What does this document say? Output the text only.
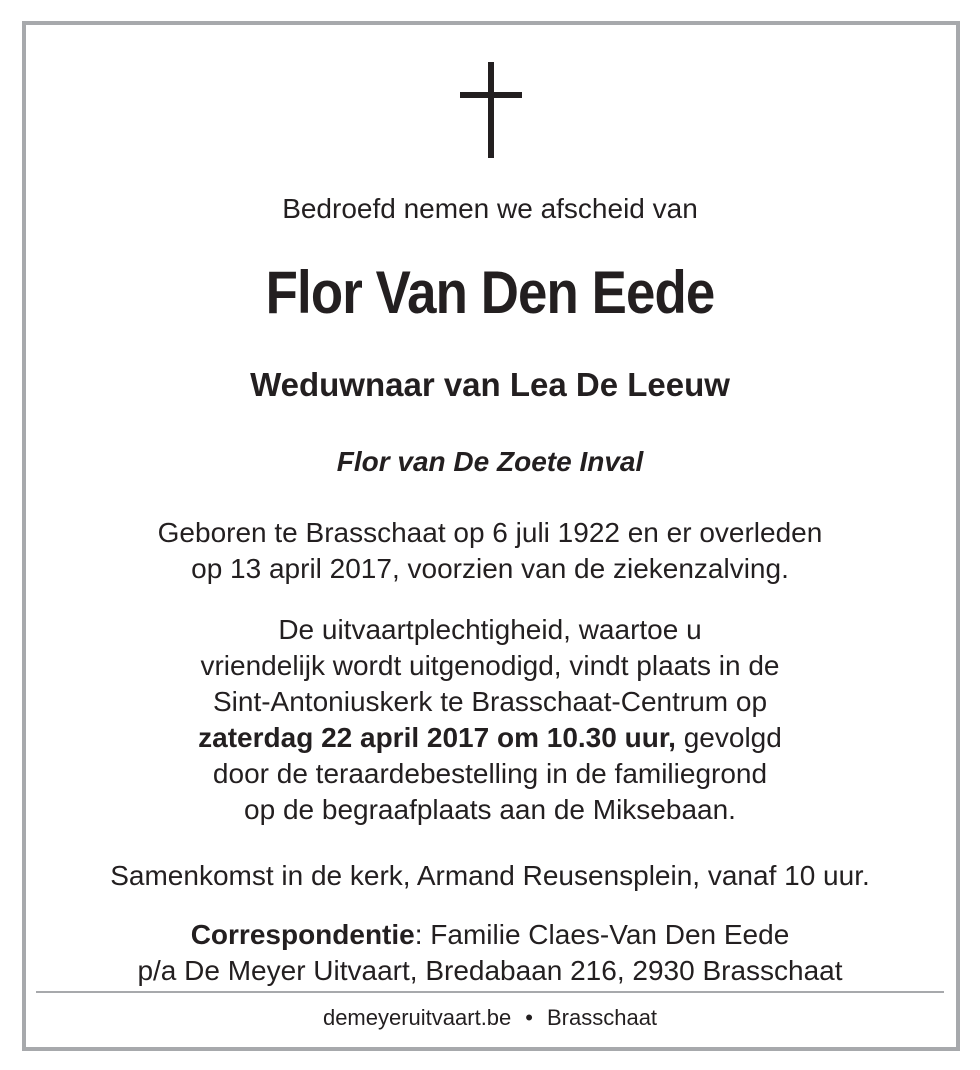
Bedroefd nemen we afscheid van
Flor Van Den Eede
Weduwnaar van Lea De Leeuw
Flor van De Zoete Inval
Geboren te Brasschaat op 6 juli 1922 en er overleden
op 13 april 2017, voorzien van de ziekenzalving.
De uitvaartplechtigheid, waartoe u
vriendelijk wordt uitgenodigd, vindt plaats in de
Sint-Antoniuskerk te Brasschaat-Centrum op
zaterdag 22 april 2017 om 10.30 uur, gevolgd
door de teraardebestelling in de familiegrond
op de begraafplaats aan de Miksebaan.
Samenkomst in de kerk, Armand Reusensplein, vanaf 10 uur.
Correspondentie: Familie Claes-Van Den Eede
p/a De Meyer Uitvaart, Bredabaan 216, 2930 Brasschaat
demeyeruitvaart.be • Brasschaat
